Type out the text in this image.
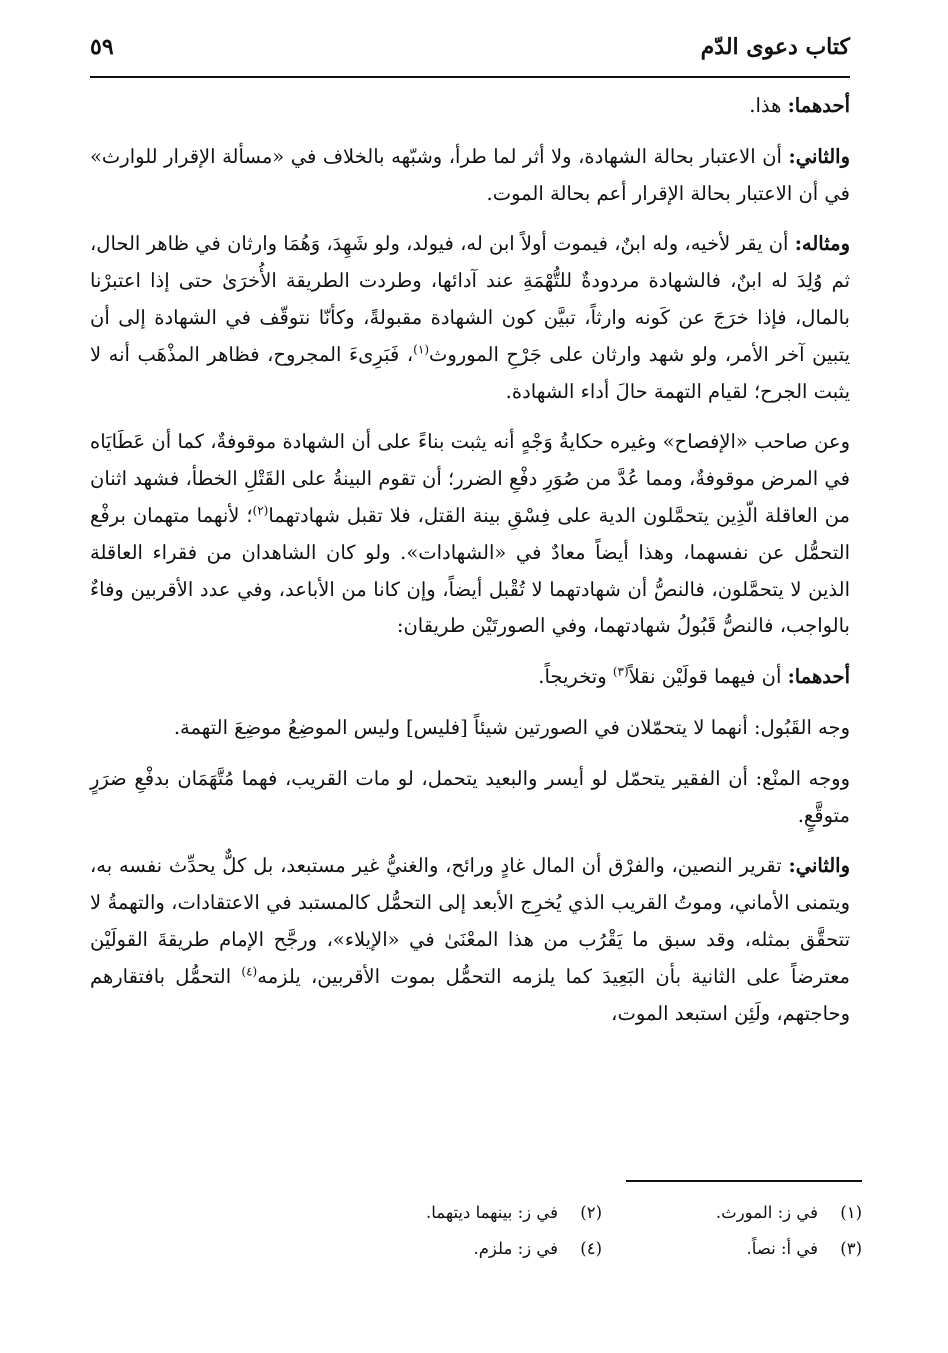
كتاب دعوى الدّم
٥٩

أحدهما: هذا.

والثاني: أن الاعتبار بحالة الشهادة، ولا أثر لما طرأ، وشبّهه بالخلاف في «مسألة الإقرار للوارث» في أن الاعتبار بحالة الإقرار أعم بحالة الموت.

ومثاله: أن يقر لأخيه، وله ابنٌ، فيموت أولاً ابن له، فيولد، ولو شَهِدَ، وَهُمَا وارثان في ظاهر الحال، ثم وُلِدَ له ابنٌ، فالشهادة مردودةٌ للتُّهْمَةِ عند آدائها، وطردت الطريقة الأُخرَىٰ حتى إذا اعتبرْنا بالمال، فإذا خرَجَ عن كَونه وارثاً، تبيَّن كون الشهادة مقبولةً، وكأنّا نتوقّف في الشهادة إلى أن يتبين آخر الأمر، ولو شهد وارثان على جَرْحِ الموروث$^{(١)}$، فَبَرِىءَ المجروح، فظاهر المذْهَب أنه لا يثبت الجرح؛ لقيام التهمة حالَ أداء الشهادة.

وعن صاحب «الإفصاح» وغيره حكايةُ وَجْهٍ أنه يثبت بناءً على أن الشهادة موقوفةٌ، كما أن عَطَايَاه في المرض موقوفةٌ، ومما عُدَّ من صُوَرِ دفْعِ الضرر؛ أن تقوم البينةُ على القَتْلِ الخطأ، فشهد اثنان من العاقلة الّذِين يتحمَّلون الدية على فِسْقِ بينة القتل، فلا تقبل شهادتهما$^{(٢)}$؛ لأنهما متهمان برفْع التحمُّل عن نفسهما، وهذا أيضاً معادٌ في «الشهادات». ولو كان الشاهدان من فقراء العاقلة الذين لا يتحمَّلون، فالنصُّ أن شهادتهما لا تُقْبل أيضاً، وإن كانا من الأباعد، وفي عدد الأقربين وفاءٌ بالواجب، فالنصُّ قَبُولُ شهادتهما، وفي الصورتَيْن طريقان:

أحدهما: أن فيهما قولَيْن نقلاً$^{(٣)}$ وتخريجاً.

وجه القَبُول: أنهما لا يتحمّلان في الصورتين شيئاً [فليس] وليس الموضِعُ موضِعَ التهمة.

ووجه المنْع: أن الفقير يتحمّل لو أيسر والبعيد يتحمل، لو مات القريب، فهما مُتَّهَمَان بدفْعِ ضرَرٍ متوقَّعٍ.

والثاني: تقرير النصين، والفرْق أن المال غادٍ ورائح، والغنيُّ غير مستبعد، بل كلٌّ يحدِّث نفسه به، ويتمنى الأماني، وموتُ القريب الذي يُخرِج الأبعد إلى التحمُّل كالمستبد في الاعتقادات، والتهمةُ لا تتحقَّق بمثله، وقد سبق ما يَقْرُب من هذا المعْنَىٰ في «الإيلاء»، ورجَّح الإمام طريقةَ القولَيْن معترضاً على الثانية بأن البَعِيدَ كما يلزمه التحمُّل بموت الأقربين، يلزمه$^{(٤)}$ التحمُّل بافتقارهم وحاجتهم، ولَئِن استبعد الموت،

(١)في ز: المورث.
(٢)في ز: بينهما ديتهما.
(٣)في أ: نصاً.
(٤)في ز: ملزم.
